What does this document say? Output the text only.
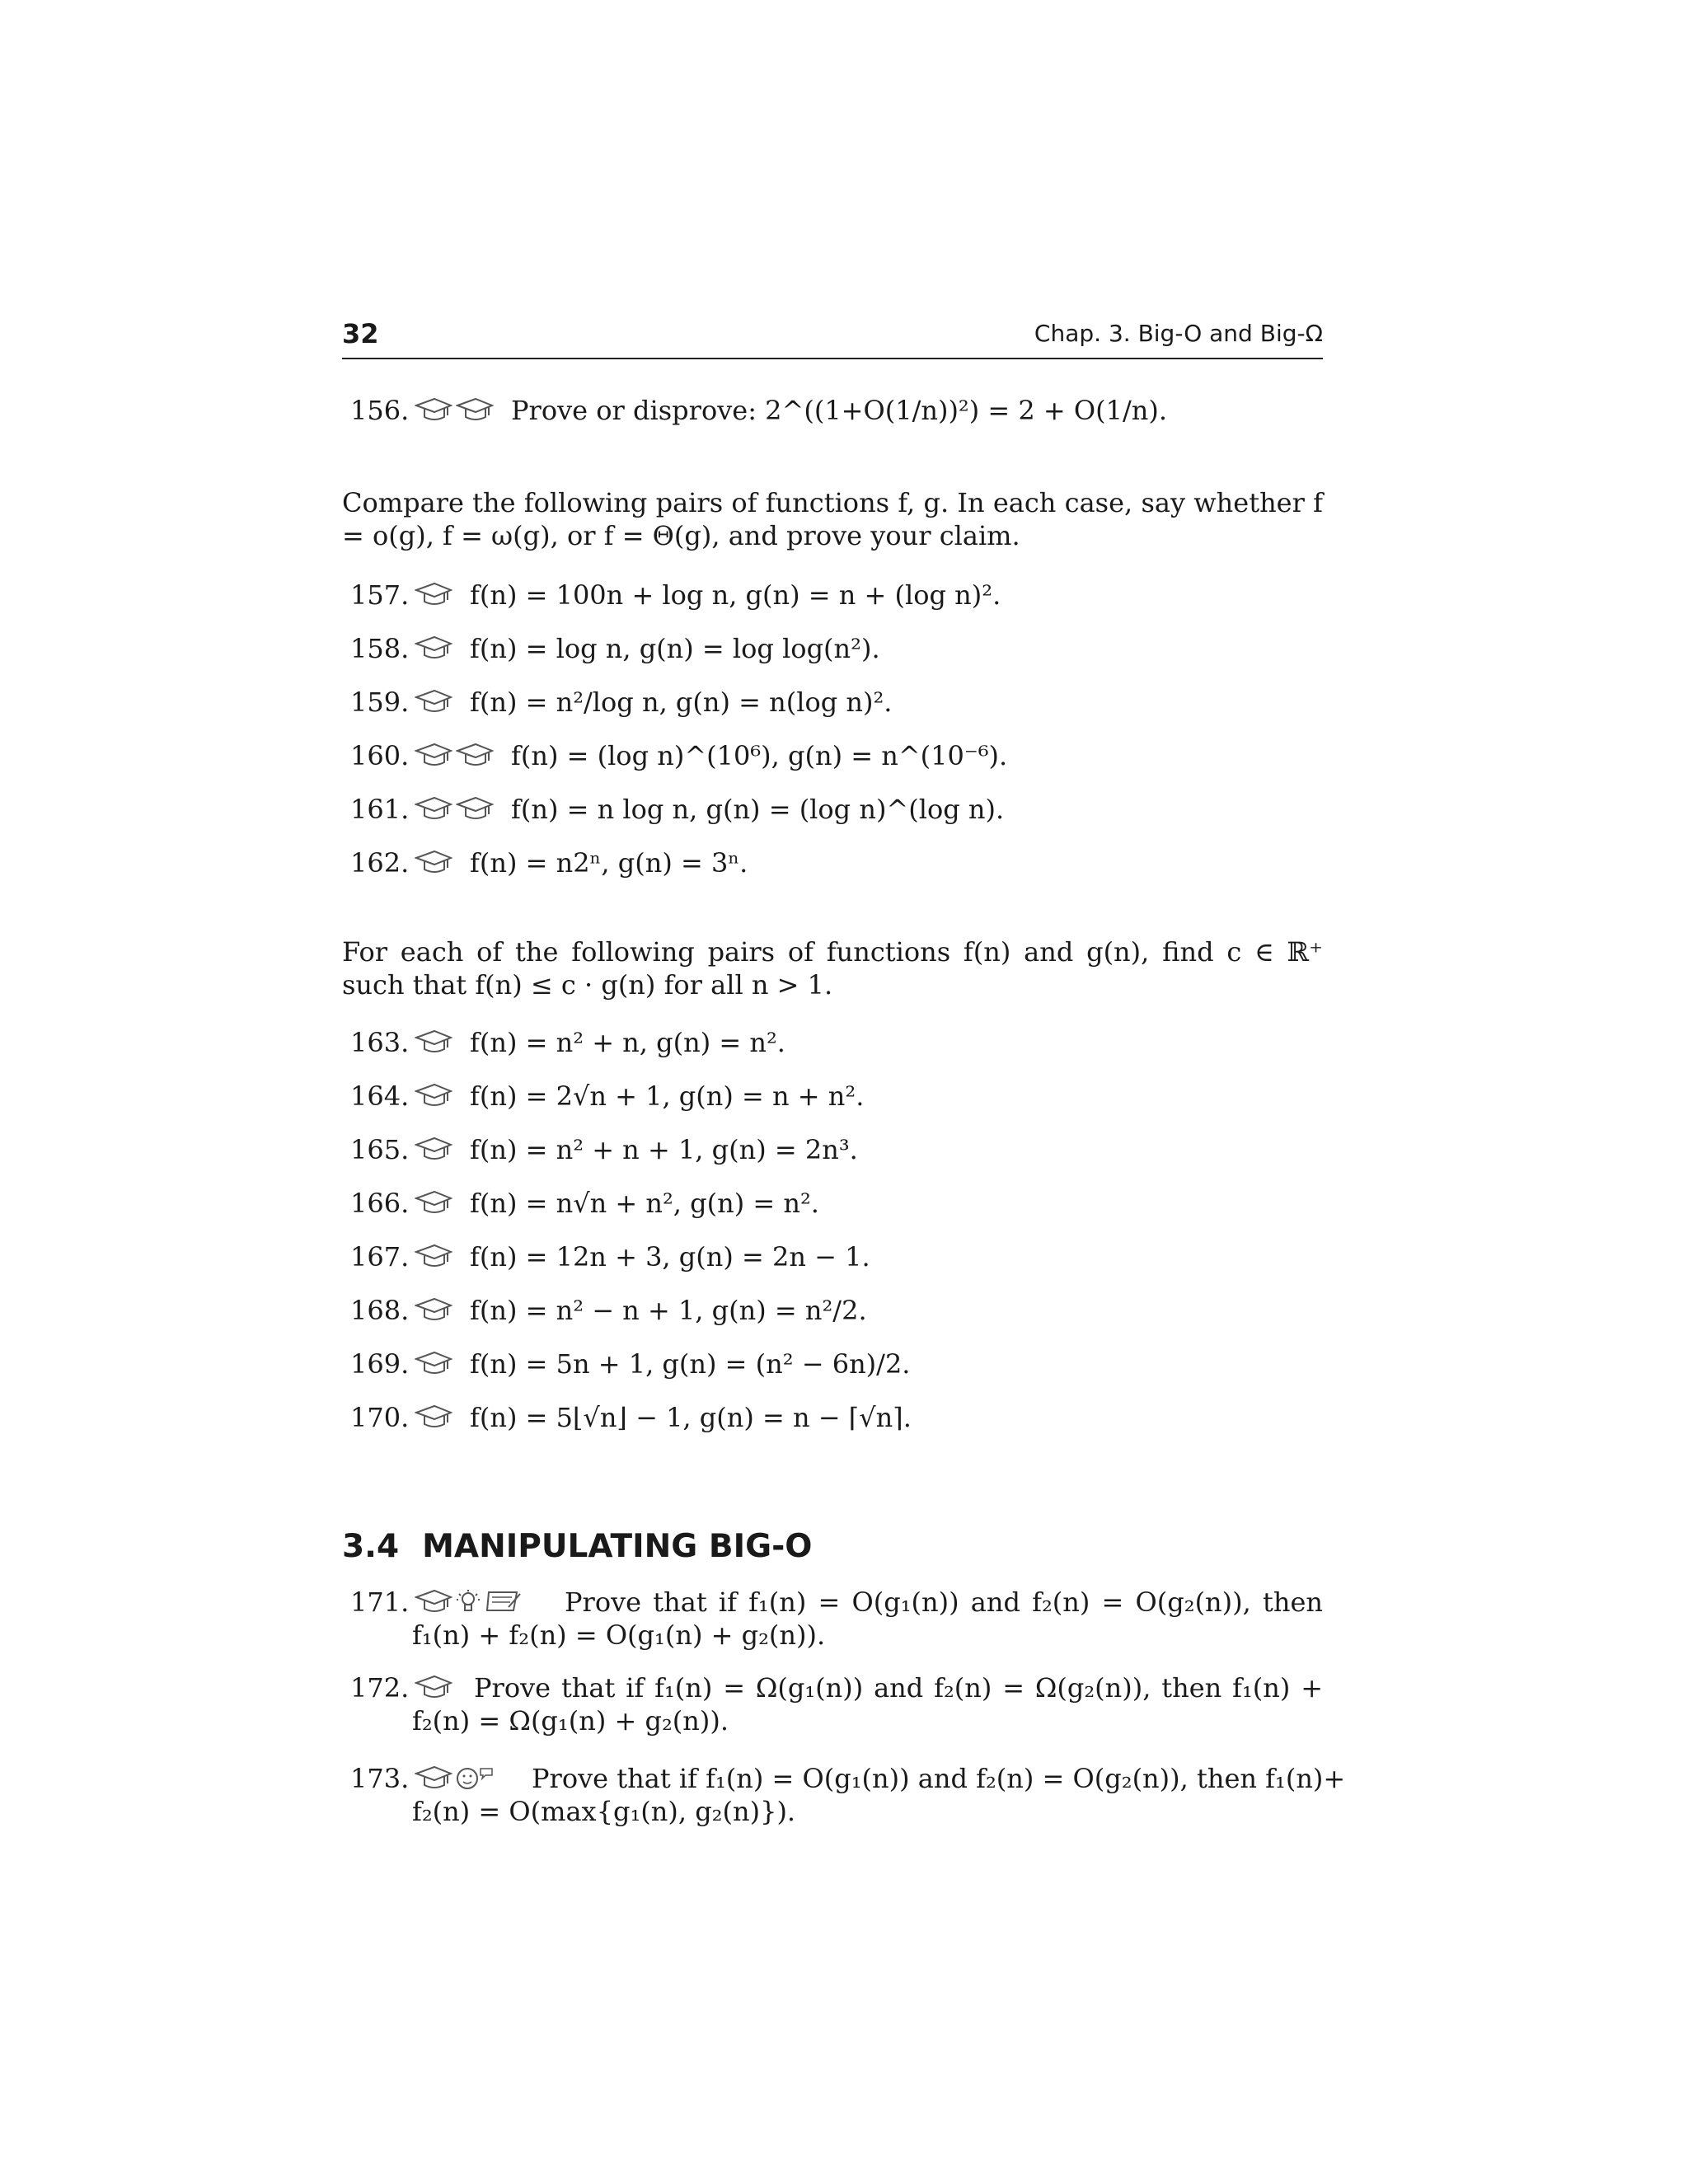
32	Chap. 3. Big-O and Big-Ω
156.	Prove or disprove: 2^((1+O(1/n))²) = 2 + O(1/n).
Compare the following pairs of functions f, g. In each case, say whether f = o(g), f = ω(g), or f = Θ(g), and prove your claim.
157. f(n) = 100n + log n, g(n) = n + (log n)².
158. f(n) = log n, g(n) = log log(n²).
159. f(n) = n²/log n, g(n) = n(log n)².
160.	f(n) = (log n)^(10⁶), g(n) = n^(10⁻⁶).
161.	f(n) = n log n, g(n) = (log n)^(log n).
162. f(n) = n2ⁿ, g(n) = 3ⁿ.
For each of the following pairs of functions f(n) and g(n), find c ∈ ℝ⁺ such that f(n) ≤ c · g(n) for all n > 1.
163. f(n) = n² + n, g(n) = n².
164. f(n) = 2√n + 1, g(n) = n + n².
165. f(n) = n² + n + 1, g(n) = 2n³.
166. f(n) = n√n + n², g(n) = n².
167. f(n) = 12n + 3, g(n) = 2n − 1.
168. f(n) = n² − n + 1, g(n) = n²/2.
169. f(n) = 5n + 1, g(n) = (n² − 6n)/2.
170. f(n) = 5⌊√n⌋ − 1, g(n) = n − ⌈√n⌉.
3.4 MANIPULATING BIG-O
171.	Prove that if f₁(n) = O(g₁(n)) and f₂(n) = O(g₂(n)), then
f₁(n) + f₂(n) = O(g₁(n) + g₂(n)).
172. Prove that if f₁(n) = Ω(g₁(n)) and f₂(n) = Ω(g₂(n)), then f₁(n) +
f₂(n) = Ω(g₁(n) + g₂(n)).
173.	Prove that if f₁(n) = O(g₁(n)) and f₂(n) = O(g₂(n)), then f₁(n)+
f₂(n) = O(max{g₁(n), g₂(n)}).
